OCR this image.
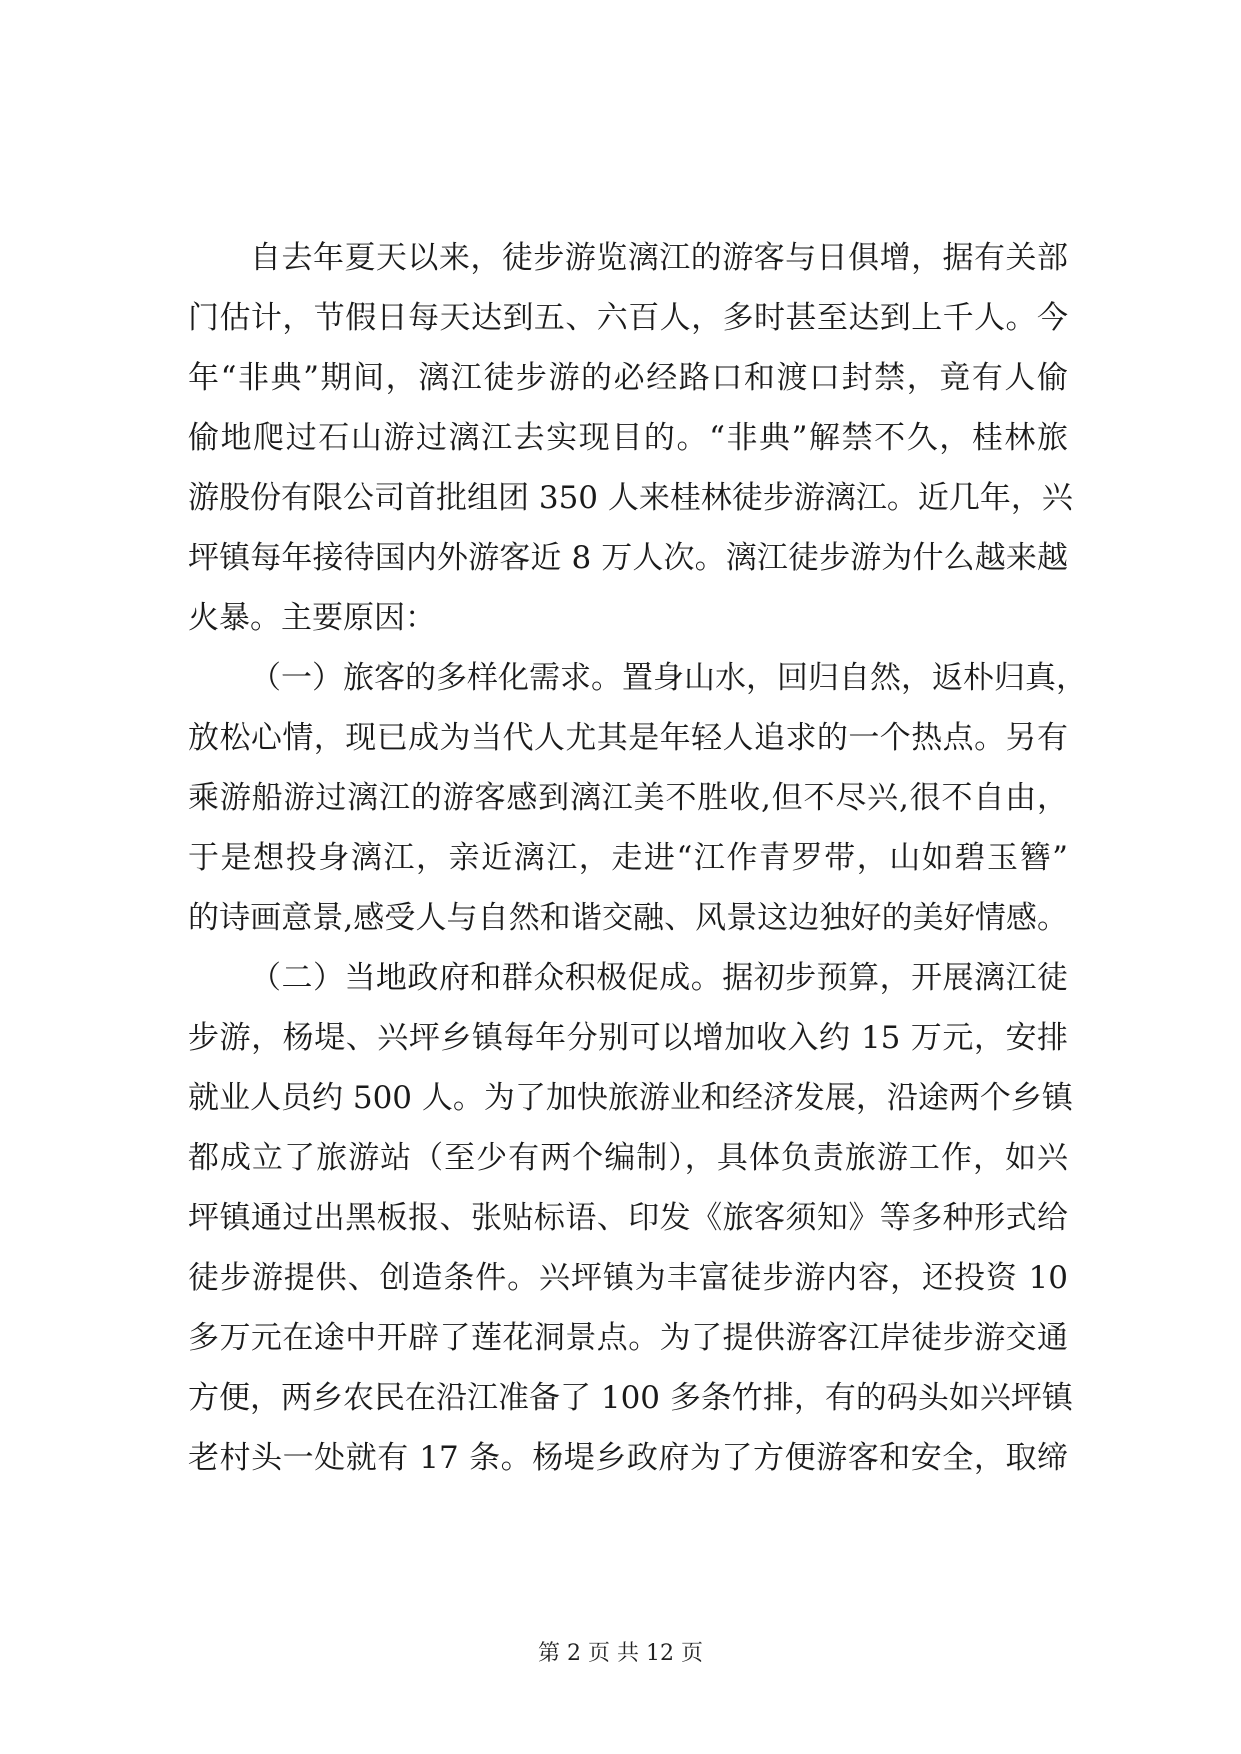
自去年夏天以来，徒步游览漓江的游客与日俱增，据有关部
门估计，节假日每天达到五、六百人，多时甚至达到上千人。今
年“非典”期间，漓江徒步游的必经路口和渡口封禁，竟有人偷
偷地爬过石山游过漓江去实现目的。“非典”解禁不久，桂林旅
游股份有限公司首批组团 350 人来桂林徒步游漓江。近几年，兴
坪镇每年接待国内外游客近 8 万人次。漓江徒步游为什么越来越
火暴。主要原因：
（一）旅客的多样化需求。置身山水，回归自然，返朴归真，
放松心情，现已成为当代人尤其是年轻人追求的一个热点。另有
乘游船游过漓江的游客感到漓江美不胜收,但不尽兴,很不自由，
于是想投身漓江，亲近漓江，走进“江作青罗带，山如碧玉簪”
的诗画意景,感受人与自然和谐交融、风景这边独好的美好情感。
（二）当地政府和群众积极促成。据初步预算，开展漓江徒
步游，杨堤、兴坪乡镇每年分别可以增加收入约 15 万元，安排
就业人员约 500 人。为了加快旅游业和经济发展，沿途两个乡镇
都成立了旅游站（至少有两个编制），具体负责旅游工作，如兴
坪镇通过出黑板报、张贴标语、印发《旅客须知》等多种形式给
徒步游提供、创造条件。兴坪镇为丰富徒步游内容，还投资 10
多万元在途中开辟了莲花洞景点。为了提供游客江岸徒步游交通
方便，两乡农民在沿江准备了 100 多条竹排，有的码头如兴坪镇
老村头一处就有 17 条。杨堤乡政府为了方便游客和安全，取缔
第 2 页 共 12 页
